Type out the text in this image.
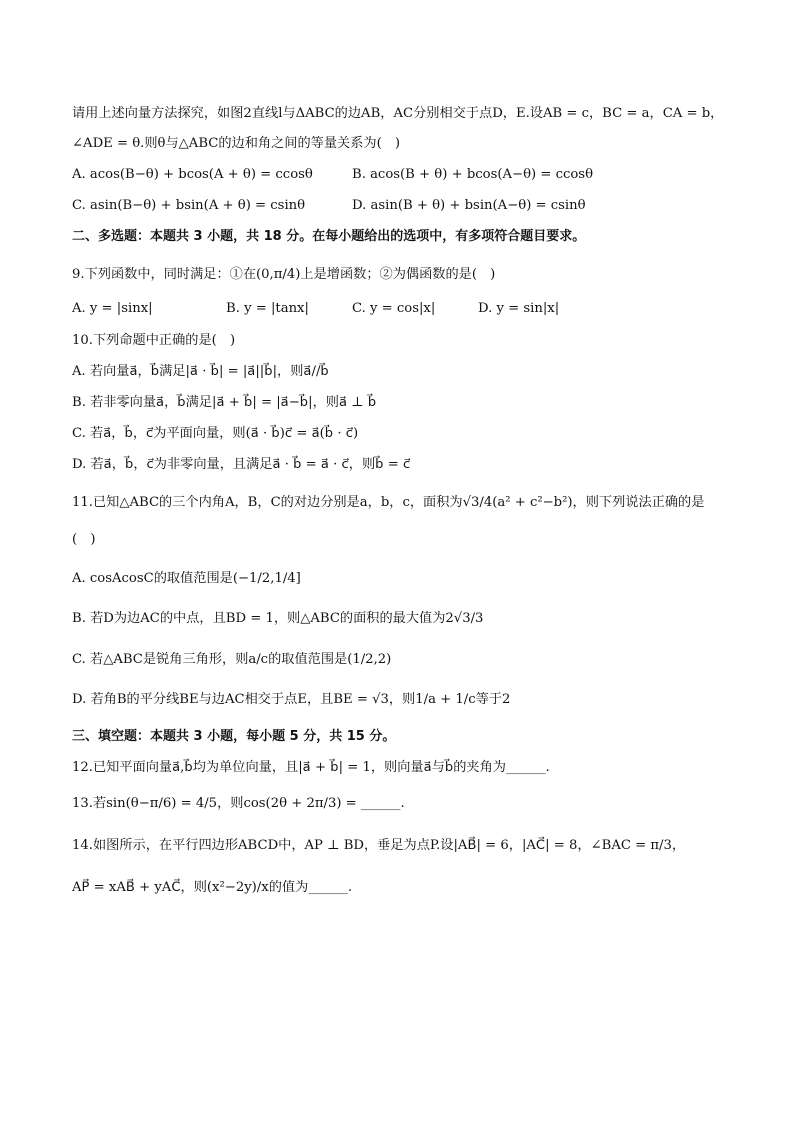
请用上述向量方法探究，如图2直线l与ΔABC的边AB，AC分别相交于点D，E.设AB = c，BC = a，CA = b，
∠ADE = θ.则θ与△ABC的边和角之间的等量关系为(　)
A. acos(B−θ) + bcos(A + θ) = ccosθ	B. acos(B + θ) + bcos(A−θ) = ccosθ
C. asin(B−θ) + bsin(A + θ) = csinθ	D. asin(B + θ) + bsin(A−θ) = csinθ
二、多选题：本题共 3 小题，共 18 分。在每小题给出的选项中，有多项符合题目要求。
9.下列函数中，同时满足：①在(0,π/4)上是增函数；②为偶函数的是(　)
A. y = |sinx|	B. y = |tanx|	C. y = cos|x|	D. y = sin|x|
10.下列命题中正确的是(　)
A. 若向量a⃗，b⃗满足|a⃗ · b⃗| = |a⃗||b⃗|，则a⃗//b⃗
B. 若非零向量a⃗，b⃗满足|a⃗ + b⃗| = |a⃗−b⃗|，则a⃗ ⊥ b⃗
C. 若a⃗，b⃗，c⃗为平面向量，则(a⃗ · b⃗)c⃗ = a⃗(b⃗ · c⃗)
D. 若a⃗，b⃗，c⃗为非零向量，且满足a⃗ · b⃗ = a⃗ · c⃗，则b⃗ = c⃗
11.已知△ABC的三个内角A，B，C的对边分别是a，b，c，面积为√3/4(a² + c²−b²)，则下列说法正确的是
(　)
A. cosAcosC的取值范围是(−1/2,1/4]
B. 若D为边AC的中点，且BD = 1，则△ABC的面积的最大值为2√3/3
C. 若△ABC是锐角三角形，则a/c的取值范围是(1/2,2)
D. 若角B的平分线BE与边AC相交于点E，且BE = √3，则1/a + 1/c等于2
三、填空题：本题共 3 小题，每小题 5 分，共 15 分。
12.已知平面向量a⃗,b⃗均为单位向量，且|a⃗ + b⃗| = 1，则向量a⃗与b⃗的夹角为______.
13.若sin(θ−π/6) = 4/5，则cos(2θ + 2π/3) = ______.
14.如图所示，在平行四边形ABCD中，AP ⊥ BD，垂足为点P.设|AB⃗| = 6，|AC⃗| = 8，∠BAC = π/3，
AP⃗ = xAB⃗ + yAC⃗，则(x²−2y)/x的值为______.
